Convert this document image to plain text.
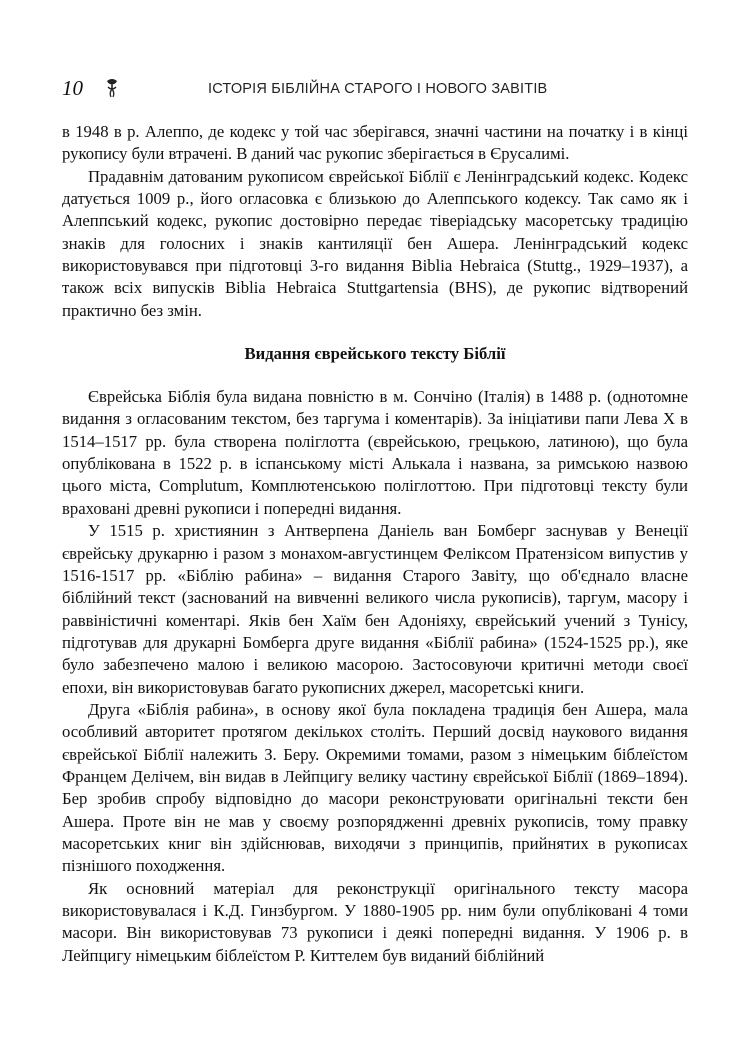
10	ІСТОРІЯ БІБЛІЙНА СТАРОГО І НОВОГО ЗАВІТІВ

в 1948 в р. Алеппо, де кодекс у той час зберігався, значні частини на початку і в кінці рукопису були втрачені. В даний час рукопис зберігається в Єрусалимі.

Прадавнім датованим рукописом єврейської Біблії є Ленінградський кодекс. Кодекс датується 1009 р., його огласовка є близькою до Алеппського кодексу. Так само як і Алеппський кодекс, рукопис достовірно передає тіверіадську масоретську традицію знаків для голосних і знаків кантиляції бен Ашера. Ленінградський кодекс використовувався при підготовці 3-го видання Biblia Hebraica (Stuttg., 1929–1937), а також всіх випусків Biblia Hebraica Stuttgartensia (BHS), де рукопис відтворений практично без змін.

Видання єврейського тексту Біблії

Єврейська Біблія була видана повністю в м. Сончіно (Італія) в 1488 р. (однотомне видання з огласованим текстом, без таргума і коментарів). За ініціативи папи Лева Х в 1514–1517 рр. була створена поліглотта (єврейською, грецькою, латиною), що була опублікована в 1522 р. в іспанському місті Алькала і названа, за римською назвою цього міста, Complutum, Комплютенською поліглоттою. При підготовці тексту були враховані древні рукописи і попередні видання.

У 1515 р. християнин з Антверпена Даніель ван Бомберг заснував у Венеції єврейську друкарню і разом з монахом-августинцем Феліксом Пратензісом випустив у 1516-1517 рр. «Біблію рабина» – видання Старого Завіту, що об'єднало власне біблійний текст (заснований на вивченні великого числа рукописів), таргум, масору і раввіністичні коментарі. Яків бен Хаїм бен Адоніяху, єврейський учений з Тунісу, підготував для друкарні Бомберга друге видання «Біблії рабина» (1524-1525 рр.), яке було забезпечено малою і великою масорою. Застосовуючи критичні методи своєї епохи, він використовував багато рукописних джерел, масоретські книги.

Друга «Біблія рабина», в основу якої була покладена традиція бен Ашера, мала особливий авторитет протягом декількох століть. Перший досвід наукового видання єврейської Біблії належить З. Беру. Окремими томами, разом з німецьким біблеїстом Францем Делічем, він видав в Лейпцигу велику частину єврейської Біблії (1869–1894). Бер зробив спробу відповідно до масори реконструювати оригінальні тексти бен Ашера. Проте він не мав у своєму розпорядженні древніх рукописів, тому правку масоретських книг він здійснював, виходячи з принципів, прийнятих в рукописах пізнішого походження.

Як основний матеріал для реконструкції оригінального тексту масора використовувалася і К.Д. Гинзбургом. У 1880-1905 рр. ним були опубліковані 4 томи масори. Він використовував 73 рукописи і деякі попередні видання. У 1906 р. в Лейпцигу німецьким біблеїстом Р. Киттелем був виданий біблійний
